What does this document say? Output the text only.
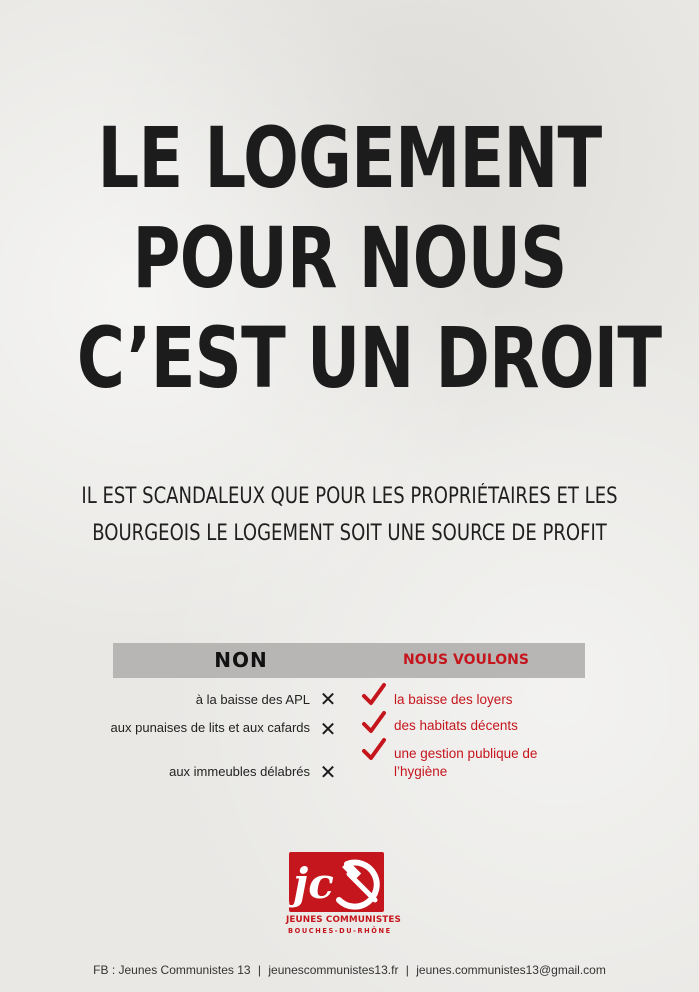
LE LOGEMENT
POUR NOUS
C’EST UN DROIT
IL EST SCANDALEUX QUE POUR LES PROPRIÉTAIRES ET LES
BOURGEOIS LE LOGEMENT SOIT UNE SOURCE DE PROFIT
NON	NOUS VOULONS
à la baisse des APL
aux punaises de lits et aux cafards
aux immeubles délabrés
✕
✕
✕
la baisse des loyers
des habitats décents
une gestion publique de l’hygiène
jc
JEUNES COMMUNISTES
BOUCHES-DU-RHÔNE
FB : Jeunes Communistes 13 | jeunescommunistes13.fr | jeunes.communistes13@gmail.com
